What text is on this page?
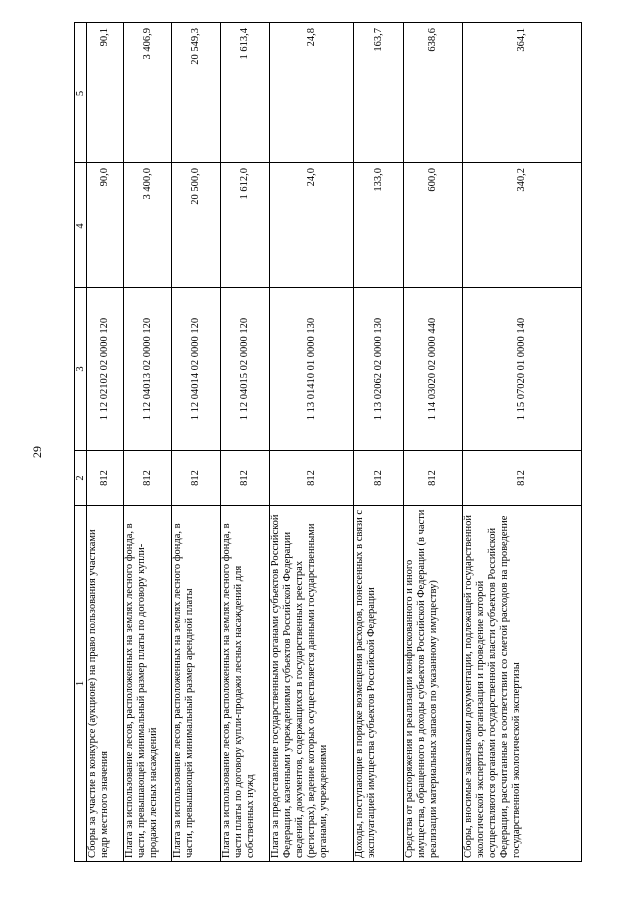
29
1	2	3	4	5
Сборы за участие в конкурсе (аукционе) на право пользования участками недр местного значения	812	1 12 02102 02 0000 120	90,0	90,1
Плата за использование лесов, расположенных на землях лесного фонда, в части, превышающей минимальный размер платы по договору купли-продажи лесных насаждений	812	1 12 04013 02 0000 120	3 400,0	3 406,9
Плата за использование лесов, расположенных на землях лесного фонда, в части, превышающей минимальный размер арендной платы	812	1 12 04014 02 0000 120	20 500,0	20 549,3
Плата за использование лесов, расположенных на землях лесного фонда, в части платы по договору купли-продажи лесных насаждений для собственных нужд	812	1 12 04015 02 0000 120	1 612,0	1 613,4
Плата за предоставление государственными органами субъектов Российской Федерации, казенными учреждениями субъектов Российской Федерации сведений, документов, содержащихся в государственных реестрах (регистрах), ведение которых осуществляется данными государственными органами, учреждениями	812	1 13 01410 01 0000 130	24,0	24,8
Доходы, поступающие в порядке возмещения расходов, понесенных в связи с эксплуатацией имущества субъектов Российской Федерации	812	1 13 02062 02 0000 130	133,0	163,7
Средства от распоряжения и реализации конфискованного и иного имущества, обращенного в доходы субъектов Российской Федерации (в части реализации материальных запасов по указанному имуществу)	812	1 14 03020 02 0000 440	600,0	638,6
Сборы, вносимые заказчиками документации, подлежащей государственной экологической экспертизе, организация и проведение которой осуществляются органами государственной власти субъектов Российской Федерации, рассчитанные в соответствии со сметой расходов на проведение государственной экологической экспертизы	812	1 15 07020 01 0000 140	340,2	364,1
